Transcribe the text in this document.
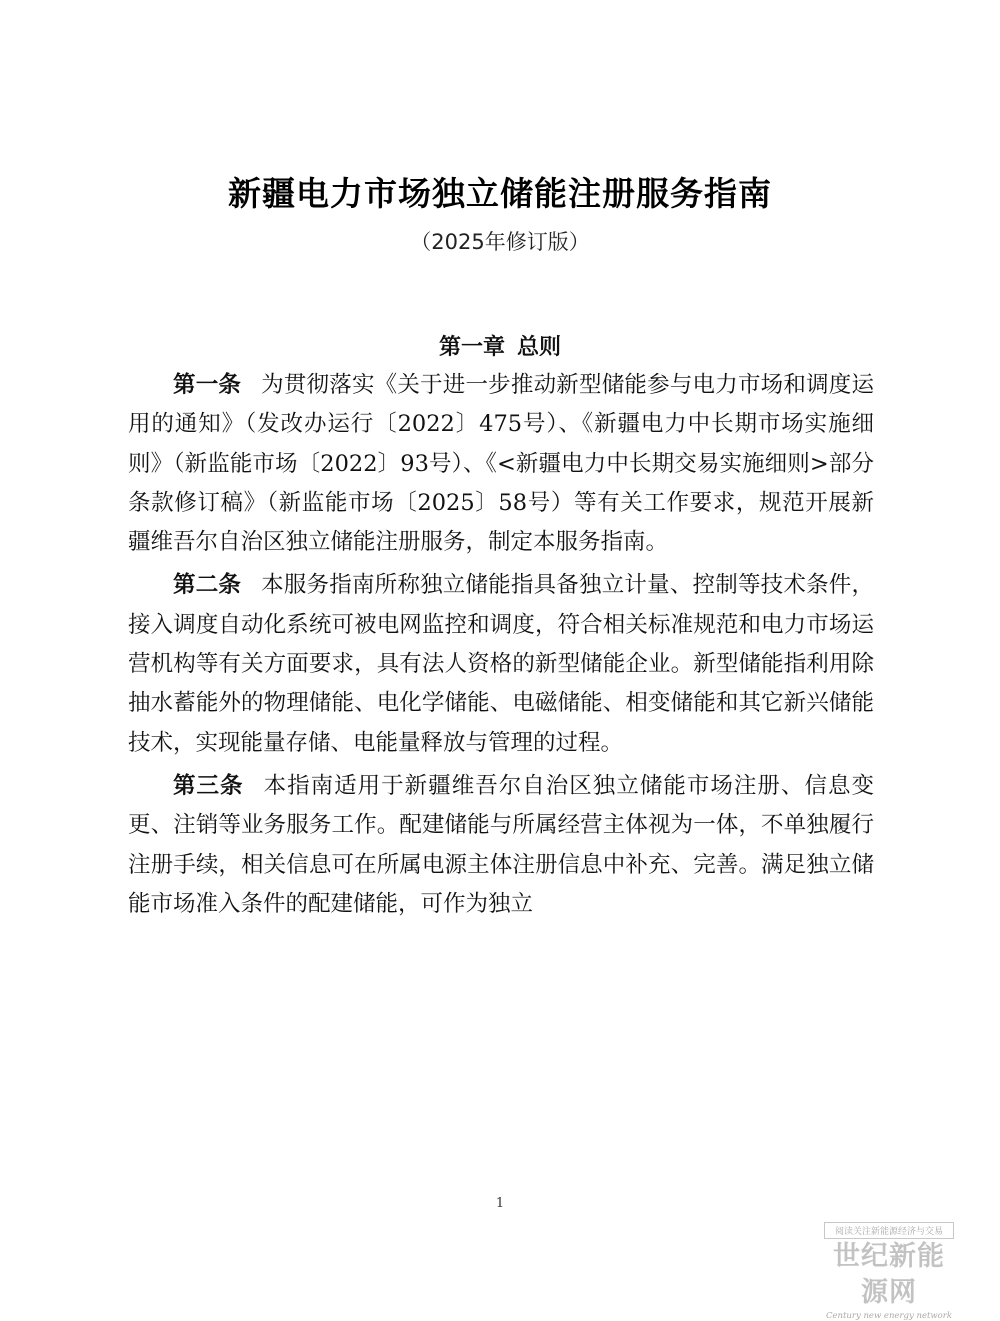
新疆电力市场独立储能注册服务指南
（2025年修订版）
第一章 总则

第一条 为贯彻落实《关于进一步推动新型储能参与电力市场和调度运用的通知》（发改办运行〔2022〕475号）、《新疆电力中长期市场实施细则》（新监能市场〔2022〕93号）、《<新疆电力中长期交易实施细则>部分条款修订稿》（新监能市场〔2025〕58号）等有关工作要求，规范开展新疆维吾尔自治区独立储能注册服务，制定本服务指南。

第二条 本服务指南所称独立储能指具备独立计量、控制等技术条件，接入调度自动化系统可被电网监控和调度，符合相关标准规范和电力市场运营机构等有关方面要求，具有法人资格的新型储能企业。新型储能指利用除抽水蓄能外的物理储能、电化学储能、电磁储能、相变储能和其它新兴储能技术，实现能量存储、电能量释放与管理的过程。

第三条 本指南适用于新疆维吾尔自治区独立储能市场注册、信息变更、注销等业务服务工作。配建储能与所属经营主体视为一体，不单独履行注册手续，相关信息可在所属电源主体注册信息中补充、完善。满足独立储能市场准入条件的配建储能，可作为独立

1
阅读关注新能源经济与交易
世纪新能源网
Century new energy network
